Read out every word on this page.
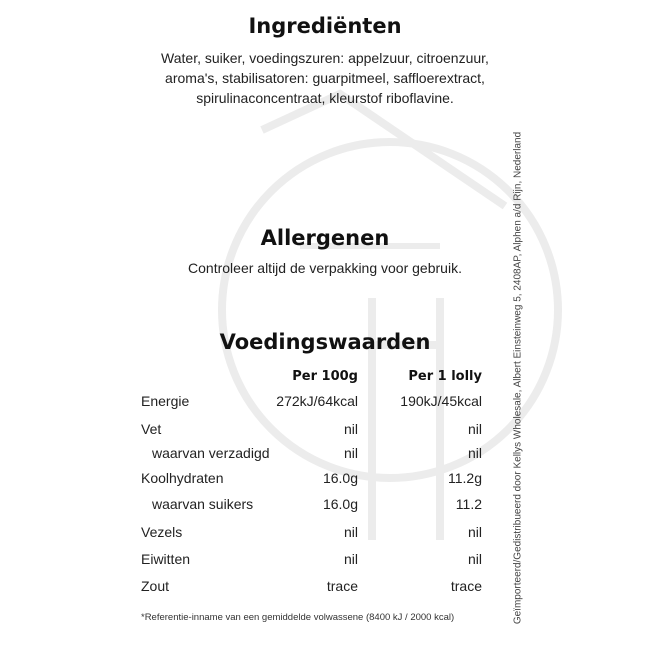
Ingrediënten
Water, suiker, voedingszuren: appelzuur, citroenzuur,
aroma's, stabilisatoren: guarpitmeel, saffloerextract,
spirulinaconcentraat, kleurstof riboflavine.
Allergenen
Controleer altijd de verpakking voor gebruik.
Voedingswaarden
Per 100g	Per 1 lolly
Energie	272kJ/64kcal	190kJ/45kcal
Vet	nil	nil
waarvan verzadigd	nil	nil
Koolhydraten	16.0g	11.2g
waarvan suikers	16.0g	11.2
Vezels	nil	nil
Eiwitten	nil	nil
Zout	trace	trace
*Referentie-inname van een gemiddelde volwassene (8400 kJ / 2000 kcal)	Geïmporteerd/Gedistribueerd door Kellys Wholesale, Albert Einsteinweg 5, 2408AP, Alphen a/d Rijn, Nederland
